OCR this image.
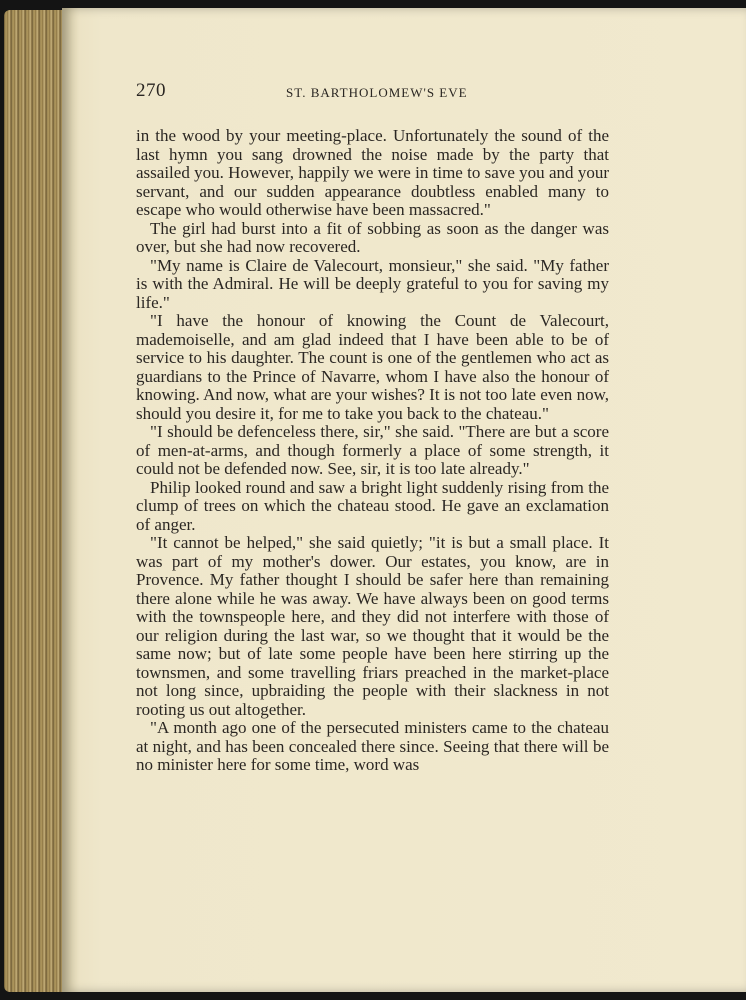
270	ST. BARTHOLOMEW'S EVE

in the wood by your meeting-place. Unfortunately the sound of the last hymn you sang drowned the noise made by the party that assailed you. However, happily we were in time to save you and your servant, and our sudden appearance doubtless enabled many to escape who would otherwise have been massacred."

The girl had burst into a fit of sobbing as soon as the danger was over, but she had now recovered.

"My name is Claire de Valecourt, monsieur," she said. "My father is with the Admiral. He will be deeply grateful to you for saving my life."

"I have the honour of knowing the Count de Valecourt, mademoiselle, and am glad indeed that I have been able to be of service to his daughter. The count is one of the gentlemen who act as guardians to the Prince of Navarre, whom I have also the honour of knowing. And now, what are your wishes? It is not too late even now, should you desire it, for me to take you back to the chateau."

"I should be defenceless there, sir," she said. "There are but a score of men-at-arms, and though formerly a place of some strength, it could not be defended now. See, sir, it is too late already."

Philip looked round and saw a bright light suddenly rising from the clump of trees on which the chateau stood. He gave an exclamation of anger.

"It cannot be helped," she said quietly; "it is but a small place. It was part of my mother's dower. Our estates, you know, are in Provence. My father thought I should be safer here than remaining there alone while he was away. We have always been on good terms with the townspeople here, and they did not interfere with those of our religion during the last war, so we thought that it would be the same now; but of late some people have been here stirring up the townsmen, and some travelling friars preached in the market-place not long since, upbraiding the people with their slackness in not rooting us out altogether.

"A month ago one of the persecuted ministers came to the chateau at night, and has been concealed there since. Seeing that there will be no minister here for some time, word was
